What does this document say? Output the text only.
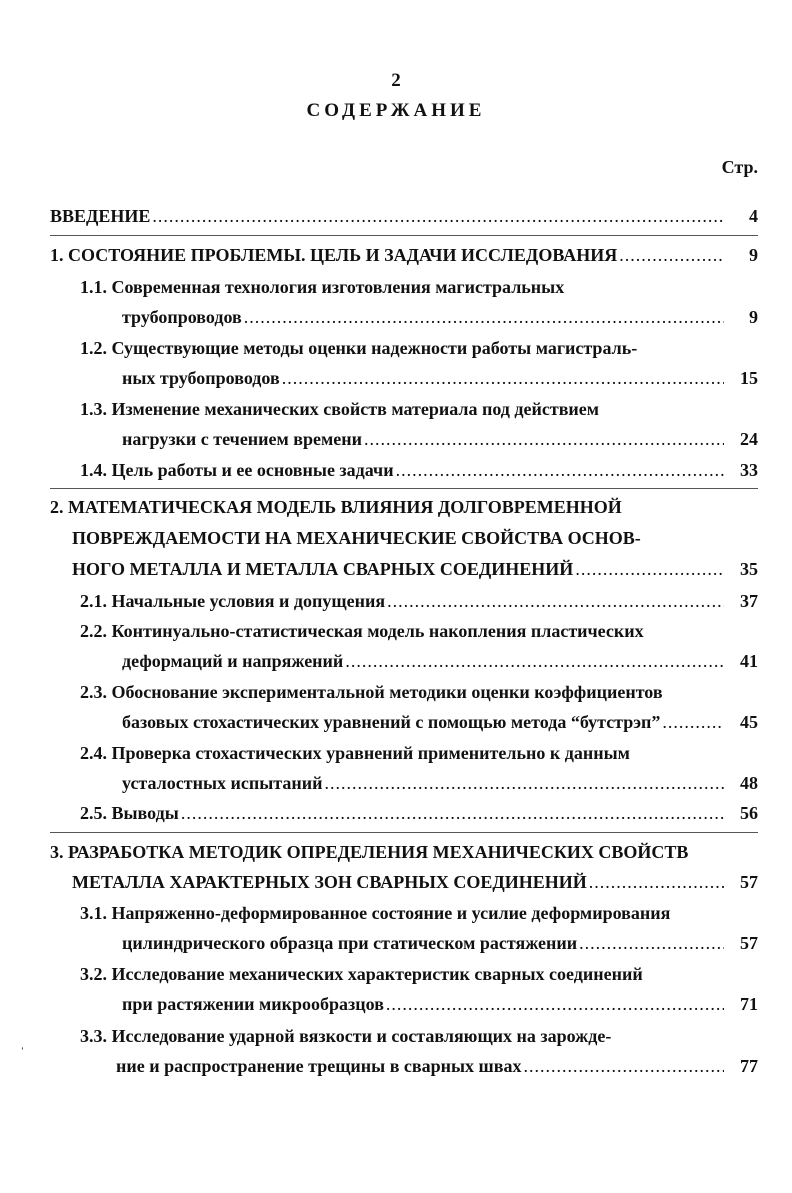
2
СОДЕРЖАНИЕ
Стр.
ВВЕДЕНИЕ .....	4
1. СОСТОЯНИЕ ПРОБЛЕМЫ. ЦЕЛЬ И ЗАДАЧИ ИССЛЕДОВАНИЯ .....	9
1.1. Современная технология изготовления магистральных
трубопроводов .....	9
1.2. Существующие методы оценки надежности работы магистраль-
ных трубопроводов .....	15
1.3. Изменение механических свойств материала под действием
нагрузки с течением времени .....	24
1.4. Цель работы и ее основные задачи .....	33
2. МАТЕМАТИЧЕСКАЯ МОДЕЛЬ ВЛИЯНИЯ ДОЛГОВРЕМЕННОЙ
ПОВРЕЖДАЕМОСТИ НА МЕХАНИЧЕСКИЕ СВОЙСТВА ОСНОВ-
НОГО МЕТАЛЛА И МЕТАЛЛА СВАРНЫХ СОЕДИНЕНИЙ .....	35
2.1. Начальные условия и допущения .....	37
2.2. Континуально-статистическая модель накопления пластических
деформаций и напряжений .....	41
2.3. Обоснование экспериментальной методики оценки коэффициентов
базовых стохастических уравнений с помощью метода “бутстрэп” .....	45
2.4. Проверка стохастических уравнений применительно к данным
усталостных испытаний .....	48
2.5. Выводы .....	56
3. РАЗРАБОТКА МЕТОДИК ОПРЕДЕЛЕНИЯ МЕХАНИЧЕСКИХ СВОЙСТВ
МЕТАЛЛА ХАРАКТЕРНЫХ ЗОН СВАРНЫХ СОЕДИНЕНИЙ .....	57
3.1. Напряженно-деформированное состояние и усилие деформирования
цилиндрического образца при статическом растяжении .....	57
3.2. Исследование механических характеристик сварных соединений
при растяжении микрообразцов .....	71
3.3. Исследование ударной вязкости и составляющих на зарожде-
ние и распространение трещины в сварных швах .....	77
ˈ
